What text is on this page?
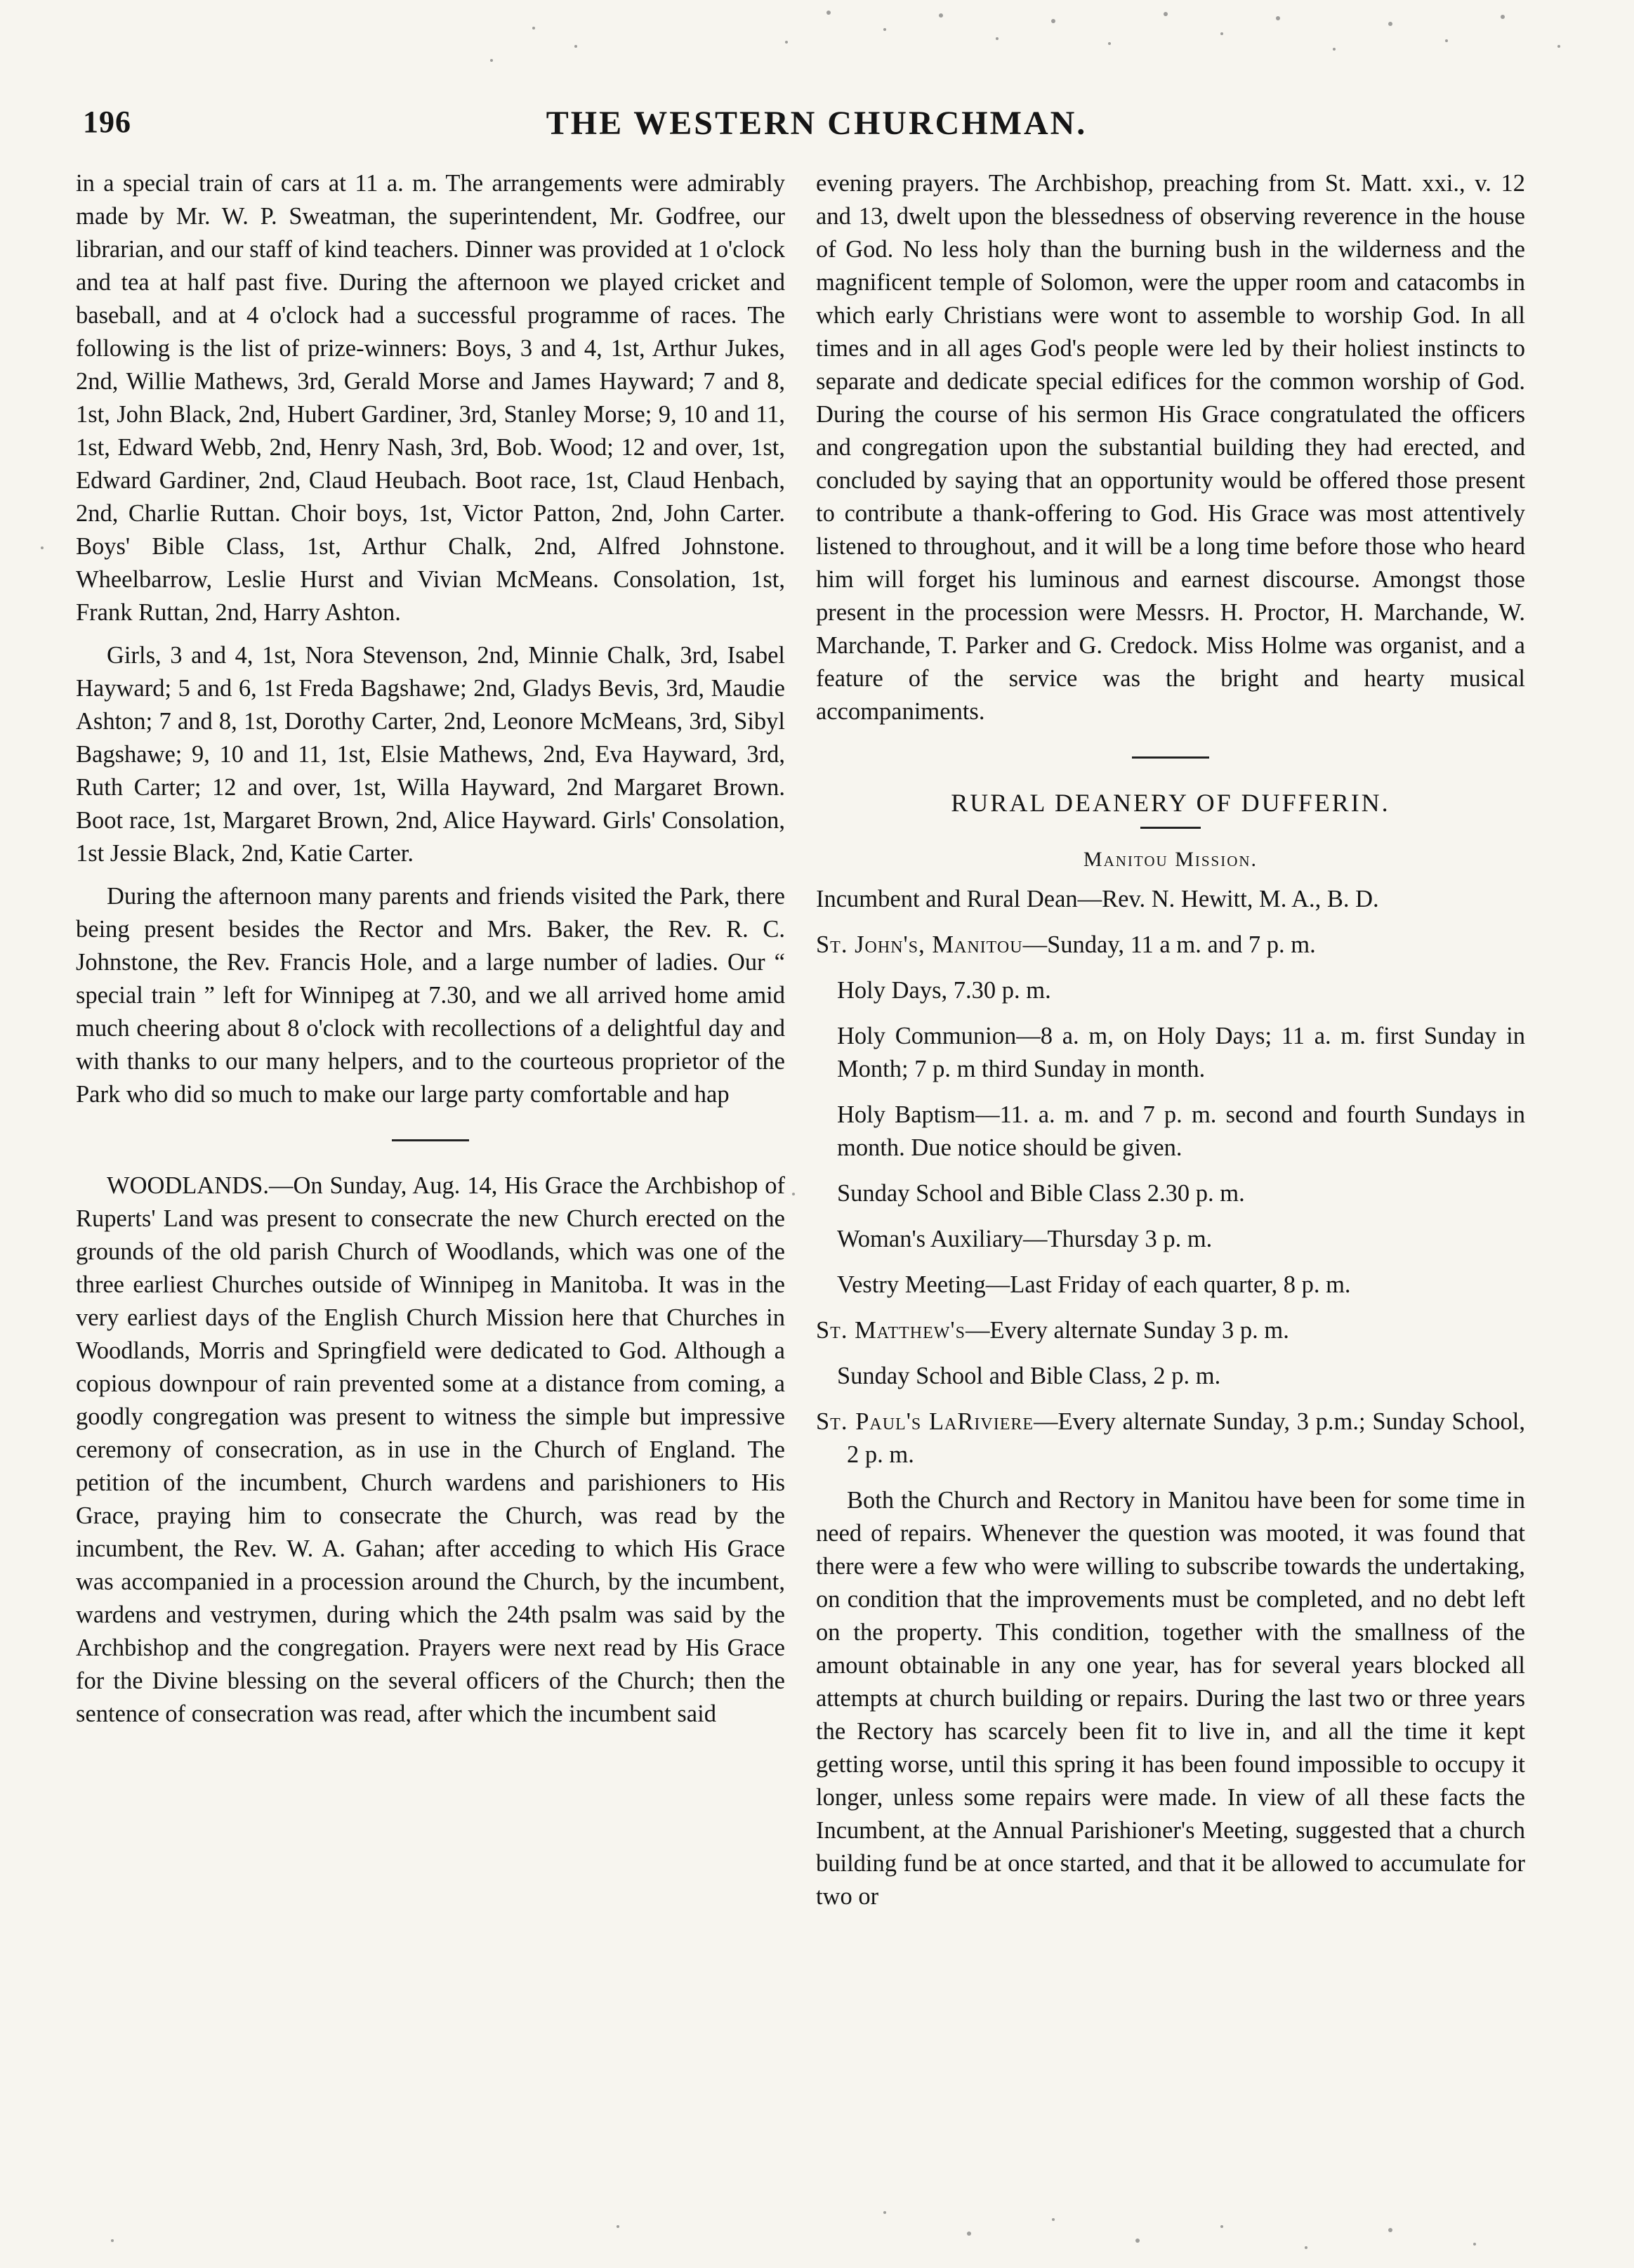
196	THE WESTERN CHURCHMAN.

in a special train of cars at 11 a. m. The arrangements were admirably made by Mr. W. P. Sweatman, the superintendent, Mr. Godfree, our librarian, and our staff of kind teachers. Dinner was provided at 1 o'clock and tea at half past five. During the afternoon we played cricket and baseball, and at 4 o'clock had a successful programme of races. The following is the list of prize-winners: Boys, 3 and 4, 1st, Arthur Jukes, 2nd, Willie Mathews, 3rd, Gerald Morse and James Hayward; 7 and 8, 1st, John Black, 2nd, Hubert Gardiner, 3rd, Stanley Morse; 9, 10 and 11, 1st, Edward Webb, 2nd, Henry Nash, 3rd, Bob. Wood; 12 and over, 1st, Edward Gardiner, 2nd, Claud Heubach. Boot race, 1st, Claud Henbach, 2nd, Charlie Ruttan. Choir boys, 1st, Victor Patton, 2nd, John Carter. Boys' Bible Class, 1st, Arthur Chalk, 2nd, Alfred Johnstone. Wheelbarrow, Leslie Hurst and Vivian McMeans. Consolation, 1st, Frank Ruttan, 2nd, Harry Ashton.

Girls, 3 and 4, 1st, Nora Stevenson, 2nd, Minnie Chalk, 3rd, Isabel Hayward; 5 and 6, 1st Freda Bagshawe; 2nd, Gladys Bevis, 3rd, Maudie Ashton; 7 and 8, 1st, Dorothy Carter, 2nd, Leonore McMeans, 3rd, Sibyl Bagshawe; 9, 10 and 11, 1st, Elsie Mathews, 2nd, Eva Hayward, 3rd, Ruth Carter; 12 and over, 1st, Willa Hayward, 2nd Margaret Brown. Boot race, 1st, Margaret Brown, 2nd, Alice Hayward. Girls' Consolation, 1st Jessie Black, 2nd, Katie Carter.

During the afternoon many parents and friends visited the Park, there being present besides the Rector and Mrs. Baker, the Rev. R. C. Johnstone, the Rev. Francis Hole, and a large number of ladies. Our “ special train ” left for Winnipeg at 7.30, and we all arrived home amid much cheering about 8 o'clock with recollections of a delightful day and with thanks to our many helpers, and to the courteous proprietor of the Park who did so much to make our large party comfortable and hap

WOODLANDS.—On Sunday, Aug. 14, His Grace the Archbishop of Ruperts' Land was present to consecrate the new Church erected on the grounds of the old parish Church of Woodlands, which was one of the three earliest Churches outside of Winnipeg in Manitoba. It was in the very earliest days of the English Church Mission here that Churches in Woodlands, Morris and Springfield were dedicated to God. Although a copious downpour of rain prevented some at a distance from coming, a goodly congregation was present to witness the simple but impressive ceremony of consecration, as in use in the Church of England. The petition of the incumbent, Church wardens and parishioners to His Grace, praying him to consecrate the Church, was read by the incumbent, the Rev. W. A. Gahan; after acceding to which His Grace was accompanied in a procession around the Church, by the incumbent, wardens and vestrymen, during which the 24th psalm was said by the Archbishop and the congregation. Prayers were next read by His Grace for the Divine blessing on the several officers of the Church; then the sentence of consecration was read, after which the incumbent said

evening prayers. The Archbishop, preaching from St. Matt. xxi., v. 12 and 13, dwelt upon the blessedness of observing reverence in the house of God. No less holy than the burning bush in the wilderness and the magnificent temple of Solomon, were the upper room and catacombs in which early Christians were wont to assemble to worship God. In all times and in all ages God's people were led by their holiest instincts to separate and dedicate special edifices for the common worship of God. During the course of his sermon His Grace congratulated the officers and congregation upon the substantial building they had erected, and concluded by saying that an opportunity would be offered those present to contribute a thank-offering to God. His Grace was most attentively listened to throughout, and it will be a long time before those who heard him will forget his luminous and earnest discourse. Amongst those present in the procession were Messrs. H. Proctor, H. Marchande, W. Marchande, T. Parker and G. Credock. Miss Holme was organist, and a feature of the service was the bright and hearty musical accompaniments.

RURAL DEANERY OF DUFFERIN.
Manitou Mission.
Incumbent and Rural Dean—Rev. N. Hewitt, M. A., B. D.
St. John's, Manitou—Sunday, 11 a m. and 7 p. m.
Holy Days, 7.30 p. m.
Holy Communion—8 a. m, on Holy Days; 11 a. m. first Sunday in Month; 7 p. m third Sunday in month.
Holy Baptism—11. a. m. and 7 p. m. second and fourth Sundays in month. Due notice should be given.
Sunday School and Bible Class 2.30 p. m.
Woman's Auxiliary—Thursday 3 p. m.
Vestry Meeting—Last Friday of each quarter, 8 p. m.
St. Matthew's—Every alternate Sunday 3 p. m.
Sunday School and Bible Class, 2 p. m.
St. Paul's LaRiviere—Every alternate Sunday, 3 p.m.; Sunday School, 2 p. m.

Both the Church and Rectory in Manitou have been for some time in need of repairs. Whenever the question was mooted, it was found that there were a few who were willing to subscribe towards the undertaking, on condition that the improvements must be completed, and no debt left on the property. This condition, together with the smallness of the amount obtainable in any one year, has for several years blocked all attempts at church building or repairs. During the last two or three years the Rectory has scarcely been fit to live in, and all the time it kept getting worse, until this spring it has been found impossible to occupy it longer, unless some repairs were made. In view of all these facts the Incumbent, at the Annual Parishioner's Meeting, suggested that a church building fund be at once started, and that it be allowed to accumulate for two or
